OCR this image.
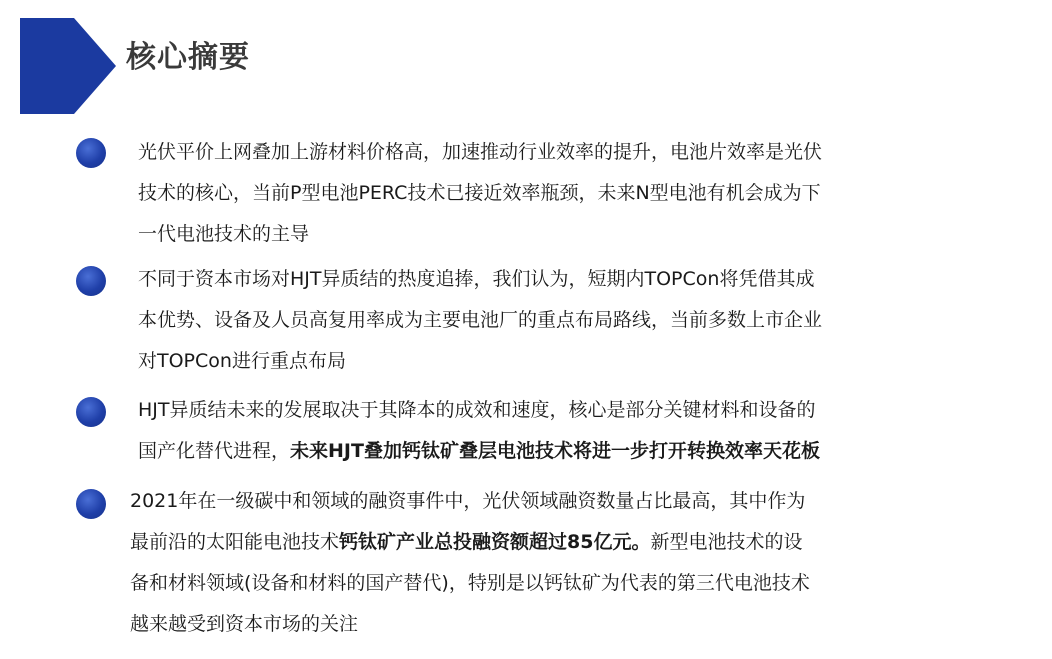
核心摘要
光伏平价上网叠加上游材料价格高，加速推动行业效率的提升，电池片效率是光伏
技术的核心，当前P型电池PERC技术已接近效率瓶颈，未来N型电池有机会成为下
一代电池技术的主导
不同于资本市场对HJT异质结的热度追捧，我们认为，短期内TOPCon将凭借其成
本优势、设备及人员高复用率成为主要电池厂的重点布局路线，当前多数上市企业
对TOPCon进行重点布局
HJT异质结未来的发展取决于其降本的成效和速度，核心是部分关键材料和设备的
国产化替代进程，未来HJT叠加钙钛矿叠层电池技术将进一步打开转换效率天花板
2021年在一级碳中和领域的融资事件中，光伏领域融资数量占比最高，其中作为
最前沿的太阳能电池技术钙钛矿产业总投融资额超过85亿元。新型电池技术的设
备和材料领域(设备和材料的国产替代)，特别是以钙钛矿为代表的第三代电池技术
越来越受到资本市场的关注
